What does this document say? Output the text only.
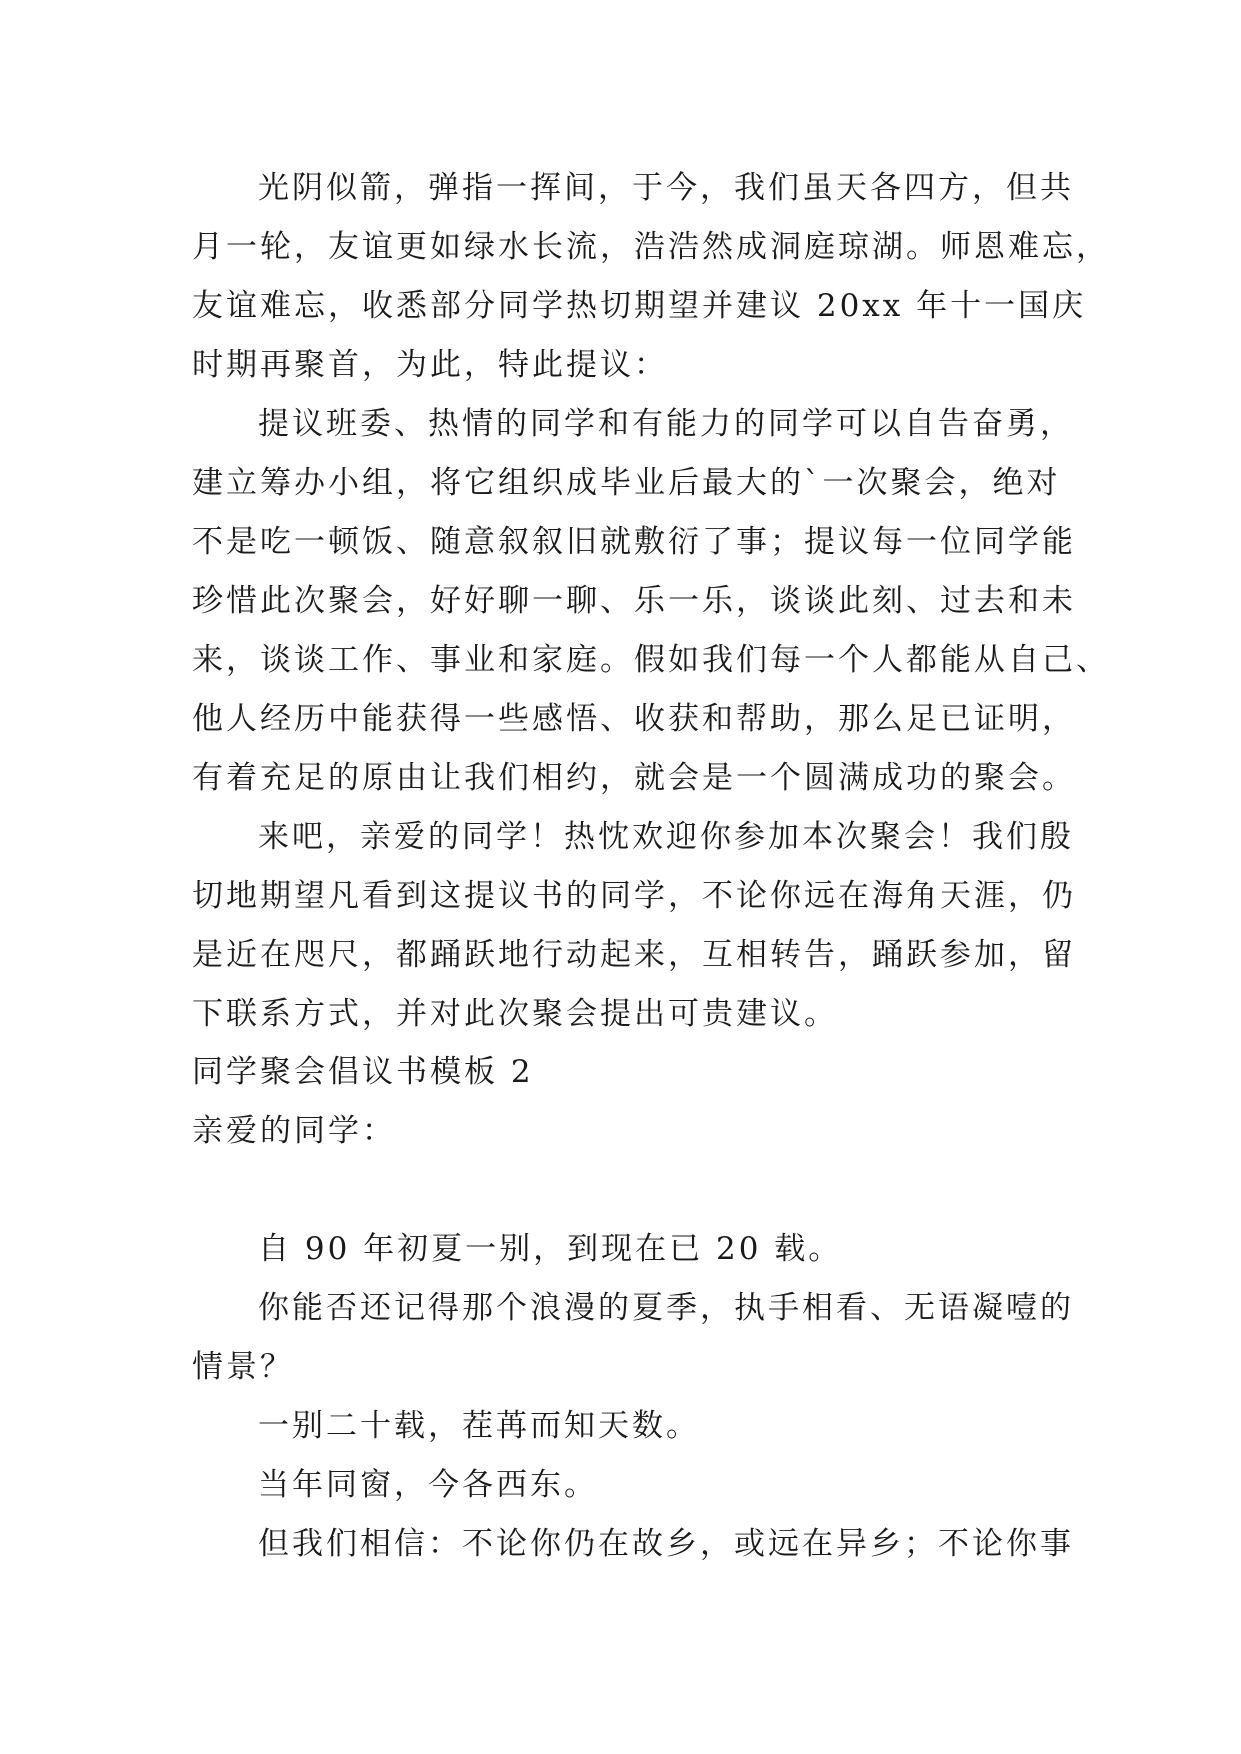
光阴似箭，弹指一挥间，于今，我们虽天各四方，但共
月一轮，友谊更如绿水长流，浩浩然成洞庭琼湖。师恩难忘，
友谊难忘，收悉部分同学热切期望并建议 20xx 年十一国庆
时期再聚首，为此，特此提议：
提议班委、热情的同学和有能力的同学可以自告奋勇，
建立筹办小组，将它组织成毕业后最大的`一次聚会，绝对
不是吃一顿饭、随意叙叙旧就敷衍了事；提议每一位同学能
珍惜此次聚会，好好聊一聊、乐一乐，谈谈此刻、过去和未
来，谈谈工作、事业和家庭。假如我们每一个人都能从自己、
他人经历中能获得一些感悟、收获和帮助，那么足已证明，
有着充足的原由让我们相约，就会是一个圆满成功的聚会。
来吧，亲爱的同学！热忱欢迎你参加本次聚会！我们殷
切地期望凡看到这提议书的同学，不论你远在海角天涯，仍
是近在咫尺，都踊跃地行动起来，互相转告，踊跃参加，留
下联系方式，并对此次聚会提出可贵建议。
同学聚会倡议书模板 2
亲爱的同学：
自 90 年初夏一别，到现在已 20 载。
你能否还记得那个浪漫的夏季，执手相看、无语凝噎的
情景？
一别二十载，茬苒而知天数。
当年同窗，今各西东。
但我们相信：不论你仍在故乡，或远在异乡；不论你事
